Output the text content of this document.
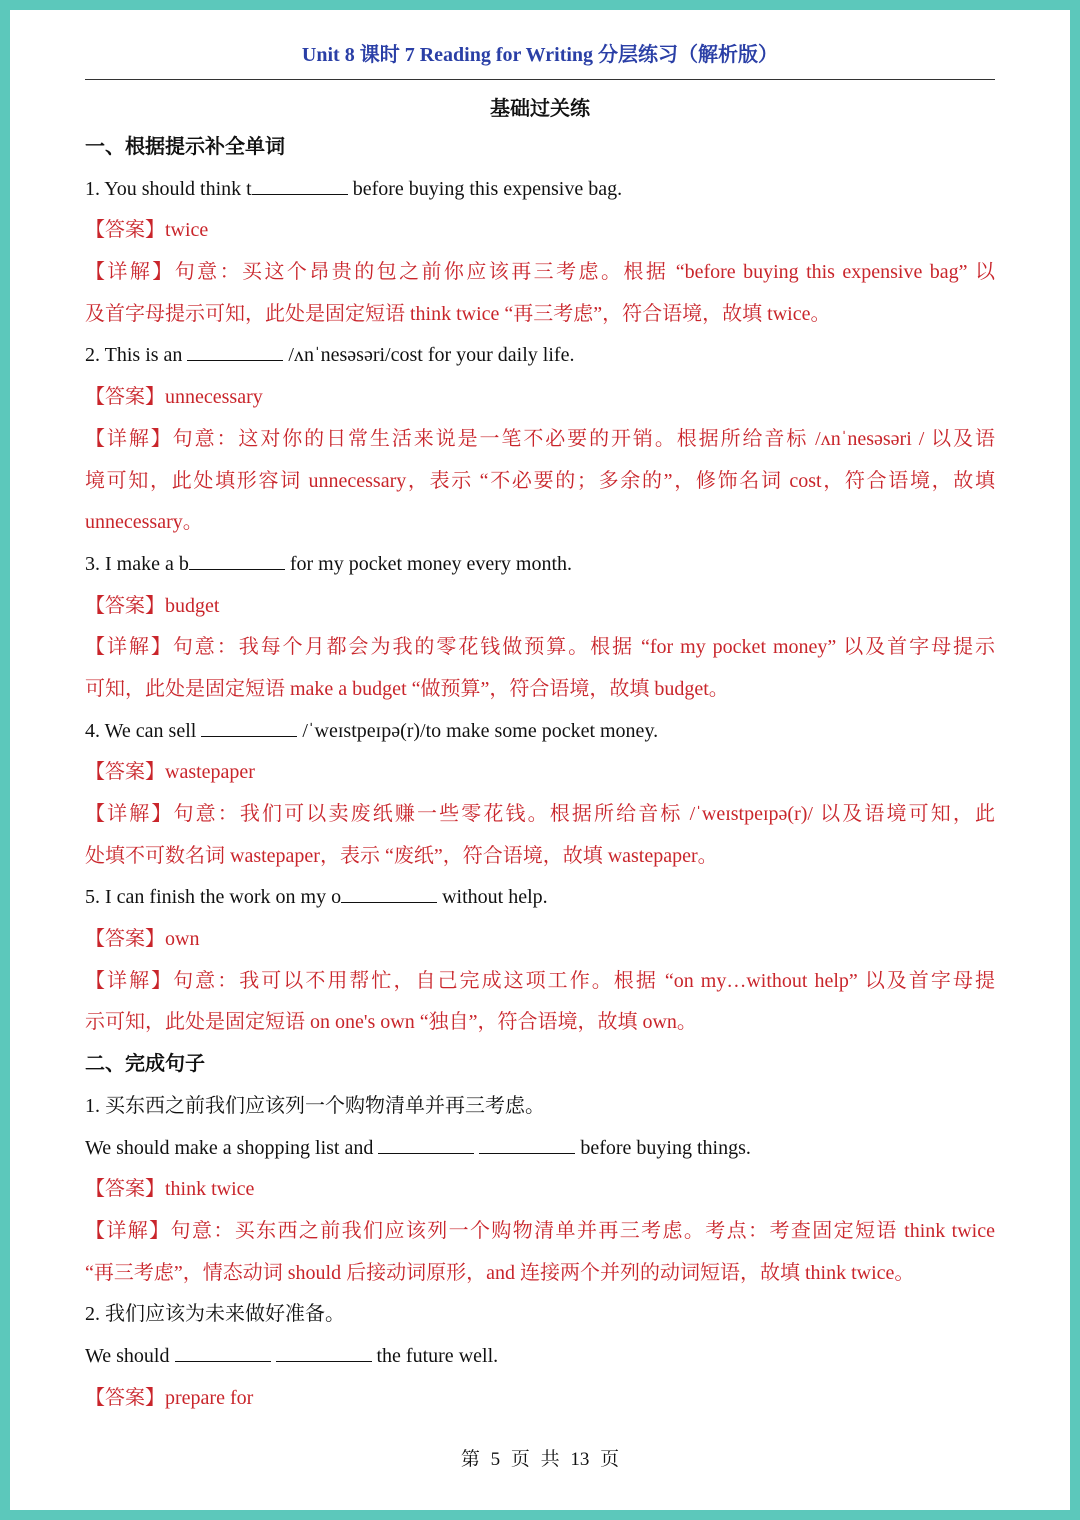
Unit 8 课时 7 Reading for Writing 分层练习（解析版）
基础过关练
一、根据提示补全单词
1. You should think t	before buying this expensive bag.
【答案】twice
【详解】句意：买这个昂贵的包之前你应该再三考虑。根据 “before buying this expensive bag” 以
及首字母提示可知，此处是固定短语 think twice “再三考虑”，符合语境，故填 twice。
2. This is an	/ʌnˈnesəsəri/cost for your daily life.
【答案】unnecessary
【详解】句意：这对你的日常生活来说是一笔不必要的开销。根据所给音标 /ʌnˈnesəsəri / 以及语
境可知，此处填形容词 unnecessary，表示 “不必要的；多余的”，修饰名词 cost，符合语境，故填
unnecessary。
3. I make a b	for my pocket money every month.
【答案】budget
【详解】句意：我每个月都会为我的零花钱做预算。根据 “for my pocket money” 以及首字母提示
可知，此处是固定短语 make a budget “做预算”，符合语境，故填 budget。
4. We can sell	/ˈweɪstpeɪpə(r)/to make some pocket money.
【答案】wastepaper
【详解】句意：我们可以卖废纸赚一些零花钱。根据所给音标 /ˈweɪstpeɪpə(r)/ 以及语境可知，此
处填不可数名词 wastepaper，表示 “废纸”，符合语境，故填 wastepaper。
5. I can finish the work on my o	without help.
【答案】own
【详解】句意：我可以不用帮忙，自己完成这项工作。根据 “on my…without help” 以及首字母提
示可知，此处是固定短语 on one's own “独自”，符合语境，故填 own。
二、完成句子
1. 买东西之前我们应该列一个购物清单并再三考虑。
We should make a shopping list and	before buying things.
【答案】think twice
【详解】句意：买东西之前我们应该列一个购物清单并再三考虑。考点：考查固定短语 think twice
“再三考虑”，情态动词 should 后接动词原形，and 连接两个并列的动词短语，故填 think twice。
2. 我们应该为未来做好准备。
We should	the future well.
【答案】prepare for
第 5 页 共 13 页
